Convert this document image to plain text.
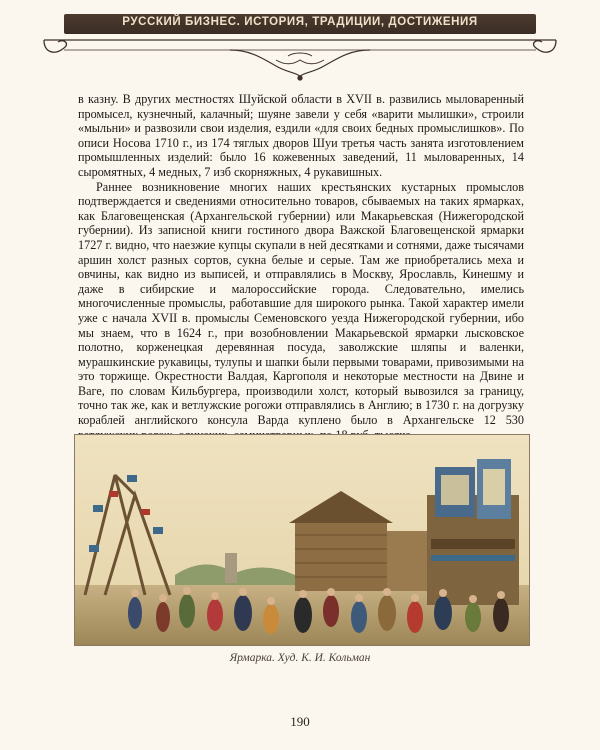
РУССКИЙ БИЗНЕС. ИСТОРИЯ, ТРАДИЦИИ, ДОСТИЖЕНИЯ

в казну. В других местностях Шуйской области в XVII в. развились мыловаренный промысел, кузнечный, калачный; шуяне завели у себя «варити мылишки», строили «мыльни» и развозили свои изделия, ездили «для своих бедных промыслишков». По описи Носова 1710 г., из 174 тяглых дворов Шуи третья часть занята изготовлением промышленных изделий: было 16 кожевенных заведений, 11 мыловаренных, 14 сыромятных, 4 медных, 7 изб скорняжных, 4 рукавишных.

Раннее возникновение многих наших крестьянских кустарных промыслов подтверждается и сведениями относительно товаров, сбываемых на таких ярмарках, как Благовещенская (Архангельской губернии) или Макарьевская (Нижегородской губернии). Из записной книги гостиного двора Важской Благовещенской ярмарки 1727 г. видно, что наезжие купцы скупали в ней десятками и сотнями, даже тысячами аршин холст разных сортов, сукна белые и серые. Там же приобретались меха и овчины, как видно из выписей, и отправлялись в Москву, Ярославль, Кинешму и даже в сибирские и малороссийские города. Следовательно, имелись многочисленные промыслы, работавшие для широкого рынка. Такой характер имели уже с начала XVII в. промыслы Семеновского уезда Нижегородской губернии, ибо мы знаем, что в 1624 г., при возобновлении Макарьевской ярмарки лысковское полотно, корженецкая деревянная посуда, заволжские шляпы и валенки, мурашкинские рукавицы, тулупы и шапки были первыми товарами, привозимыми на это торжище. Окрестности Валдая, Каргополя и некоторые местности на Двине и Ваге, по словам Кильбургера, производили холст, который вывозился за границу, точно так же, как и ветлужские рогожи отправлялись в Англию; в 1730 г. на догрузку кораблей английского консула Варда куплено было в Архангельске 12 530

Ярмарка. Худ. К. И. Кольман
190
